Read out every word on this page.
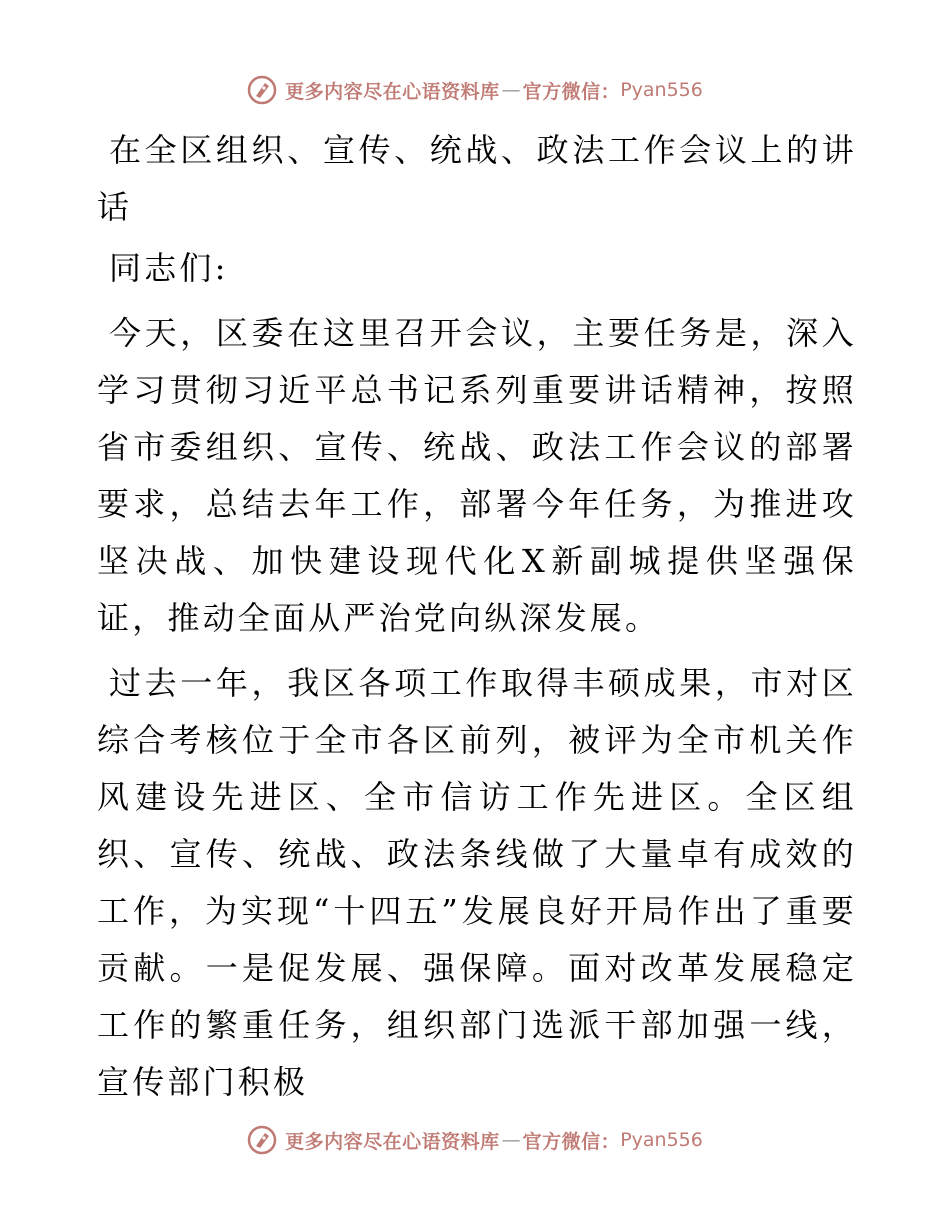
更多内容尽在心语资料库 — 官方微信： Pyan556

在全区组织、宣传、统战、政法工作会议上的讲话

同志们:

今天，区委在这里召开会议，主要任务是，深入学习贯彻习近平总书记系列重要讲话精神，按照省市委组织、宣传、统战、政法工作会议的部署要求，总结去年工作，部署今年任务，为推进攻坚决战、加快建设现代化X新副城提供坚强保证，推动全面从严治党向纵深发展。

过去一年，我区各项工作取得丰硕成果，市对区综合考核位于全市各区前列，被评为全市机关作风建设先进区、全市信访工作先进区。全区组织、宣传、统战、政法条线做了大量卓有成效的工作，为实现“十四五”发展良好开局作出了重要贡献。一是促发展、强保障。面对改革发展稳定工作的繁重任务，组织部门选派干部加强一线，宣传部门积极

更多内容尽在心语资料库 — 官方微信： Pyan556
